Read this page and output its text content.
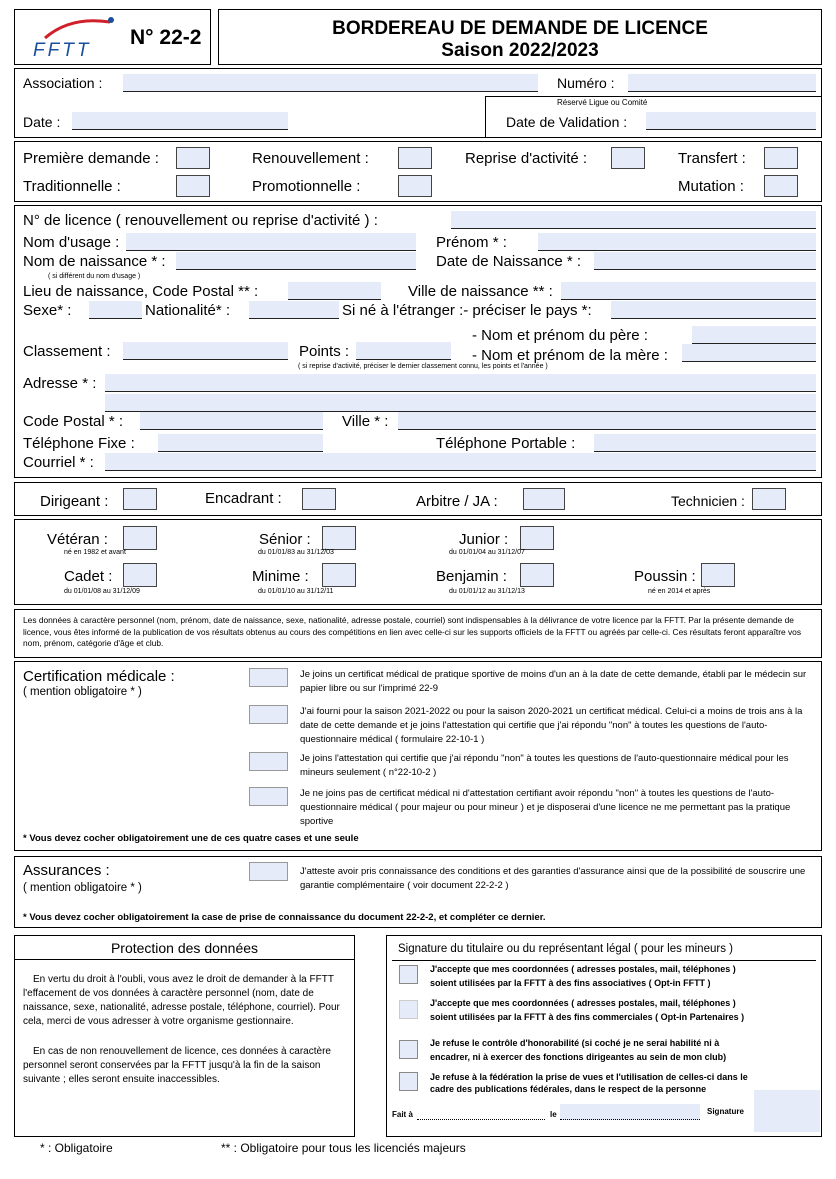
FFTT
N° 22-2	BORDEREAU DE DEMANDE DE LICENCE
Saison 2022/2023
Association :	Numéro :
Réservé Ligue ou Comité
Date :	Date de Validation :
Première demande :	Renouvellement :	Reprise d'activité :	Transfert :
Traditionnelle :	Promotionnelle :	Mutation :
N° de licence ( renouvellement ou reprise d'activité ) :
Nom d'usage :	Prénom * :
Nom de naissance * :
( si différent du nom d'usage )
Date de Naissance * :
Lieu de naissance, Code Postal ** :	Ville de naissance ** :
Sexe* :	Nationalité* :	Si né à l'étranger :- préciser le pays *:
- Nom et prénom du père :
Classement :	Points :	- Nom et prénom de la mère :
( si reprise d'activité, préciser le dernier classement connu, les points et l'année )
Adresse * :
Code Postal * :	Ville * :
Téléphone Fixe :	Téléphone Portable :
Courriel * :
Dirigeant :	Encadrant :	Arbitre / JA :	Technicien :
Vétéran :
né en 1982 et avant
Sénior :
du 01/01/83 au 31/12/03
Junior :
du 01/01/04 au 31/12/07
Cadet :
du 01/01/08 au 31/12/09
Minime :
du 01/01/10 au 31/12/11
Benjamin :
du 01/01/12 au 31/12/13
Poussin :
né en 2014 et après
Les données à caractère personnel (nom, prénom, date de naissance, sexe, nationalité, adresse postale, courriel) sont indispensables à la délivrance de votre licence par la FFTT. Par la présente demande de licence, vous êtes informé de la publication de vos résultats obtenus au cours des compétitions en lien avec celle-ci sur les supports officiels de la FFTT ou agréés par celle-ci. Ces résultats feront apparaître vos nom, prénom, catégorie d'âge et club.
Certification médicale :
( mention obligatoire * )
Je joins un certificat médical de pratique sportive de moins d'un an à la date de cette demande, établi par le médecin sur papier libre ou sur l'imprimé 22-9
J'ai fourni pour la saison 2021-2022 ou pour la saison 2020-2021 un certificat médical. Celui-ci a moins de trois ans à la date de cette demande et je joins l'attestation qui certifie que j'ai répondu "non" à toutes les questions de l'auto-questionnaire médical ( formulaire 22-10-1 )
Je joins l'attestation qui certifie que j'ai répondu "non" à toutes les questions de l'auto-questionnaire médical pour les mineurs seulement ( n°22-10-2 )
Je ne joins pas de certificat médical ni d'attestation certifiant avoir répondu "non" à toutes les questions de l'auto-questionnaire médical ( pour majeur ou pour mineur ) et je disposerai d'une licence ne me permettant pas la pratique sportive
* Vous devez cocher obligatoirement une de ces quatre cases et une seule
Assurances :
( mention obligatoire * )
J'atteste avoir pris connaissance des conditions et des garanties d'assurance ainsi que de la possibilité de souscrire une garantie complémentaire ( voir document 22-2-2 )
* Vous devez cocher obligatoirement la case de prise de connaissance du document 22-2-2, et compléter ce dernier.
Protection des données
En vertu du droit à l'oubli, vous avez le droit de demander à la FFTT l'effacement de vos données à caractère personnel (nom, date de naissance, sexe, nationalité, adresse postale, téléphone, courriel). Pour cela, merci de vous adresser à votre organisme gestionnaire.
En cas de non renouvellement de licence, ces données à caractère personnel seront conservées par la FFTT jusqu'à la fin de la saison suivante ; elles seront ensuite inaccessibles.
Signature du titulaire ou du représentant légal ( pour les mineurs )
J'accepte que mes coordonnées ( adresses postales, mail, téléphones )
soient utilisées par la FFTT à des fins associatives ( Opt-in FFTT )
J'accepte que mes coordonnées ( adresses postales, mail, téléphones )
soient utilisées par la FFTT à des fins commerciales ( Opt-in Partenaires )
Je refuse le contrôle d'honorabilité (si coché je ne serai habilité ni à
encadrer, ni à exercer des fonctions dirigeantes au sein de mon club)
Je refuse à la fédération la prise de vues et l'utilisation de celles-ci dans le
cadre des publications fédérales, dans le respect de la personne
Fait à	le	Signature
* : Obligatoire	** : Obligatoire pour tous les licenciés majeurs
